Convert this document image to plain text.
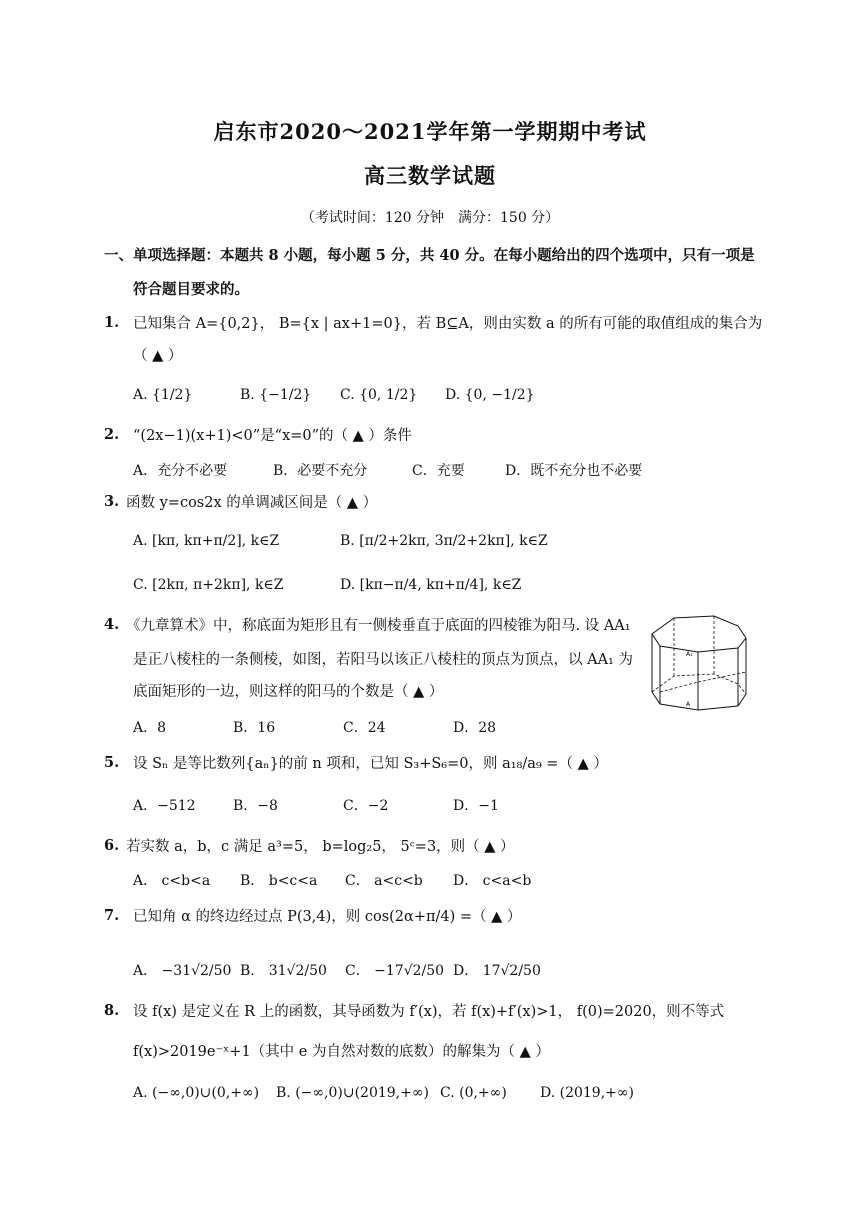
启东市2020～2021学年第一学期期中考试
高三数学试题
（考试时间：120 分钟　满分：150 分）
一、单项选择题：本题共 8 小题，每小题 5 分，共 40 分。在每小题给出的四个选项中，只有一项是
符合题目要求的。
1. 已知集合 A={0,2}， B={x | ax+1=0}，若 B⊆A，则由实数 a 的所有可能的取值组成的集合为
（ ▲ ）
A. {1/2}	B. {−1/2} C. {0, 1/2} D. {0, −1/2}
2. “(2x−1)(x+1)<0”是“x=0”的（ ▲ ）条件
A．充分不必要	B．必要不充分	C．充要	D．既不充分也不必要
3. 函数 y=cos2x 的单调减区间是（ ▲ ）
A. [kπ, kπ+π/2], k∈Z	B. [π/2+2kπ, 3π/2+2kπ], k∈Z
C. [2kπ, π+2kπ], k∈Z	D. [kπ−π/4, kπ+π/4], k∈Z
4. 《九章算术》中，称底面为矩形且有一侧棱垂直于底面的四棱锥为阳马. 设 AA₁
是正八棱柱的一条侧棱，如图，若阳马以该正八棱柱的顶点为顶点，以 AA₁ 为
底面矩形的一边，则这样的阳马的个数是（ ▲ ）
A．8	B．16	C．24	D．28
A₁
A
5. 设 Sₙ 是等比数列{aₙ}的前 n 项和，已知 S₃+S₆=0，则 a₁₈/a₉ =（ ▲ ）
A．−512	B．−8	C．−2	D．−1
6. 若实数 a，b，c 满足 a³=5， b=log₂5， 5ᶜ=3，则（ ▲ ）
A． c<b<a B． b<c<a C． a<c<b D． c<a<b
7. 已知角 α 的终边经过点 P(3,4)，则 cos(2α+π/4) =（ ▲ ）
A． −31√2/50 B． 31√2/50 C． −17√2/50 D． 17√2/50
8. 设 f(x) 是定义在 R 上的函数，其导函数为 f′(x)，若 f(x)+f′(x)>1， f(0)=2020，则不等式
f(x)>2019e⁻ˣ+1（其中 e 为自然对数的底数）的解集为（ ▲ ）
A. (−∞,0)∪(0,+∞) B. (−∞,0)∪(2019,+∞) C. (0,+∞) D. (2019,+∞)
